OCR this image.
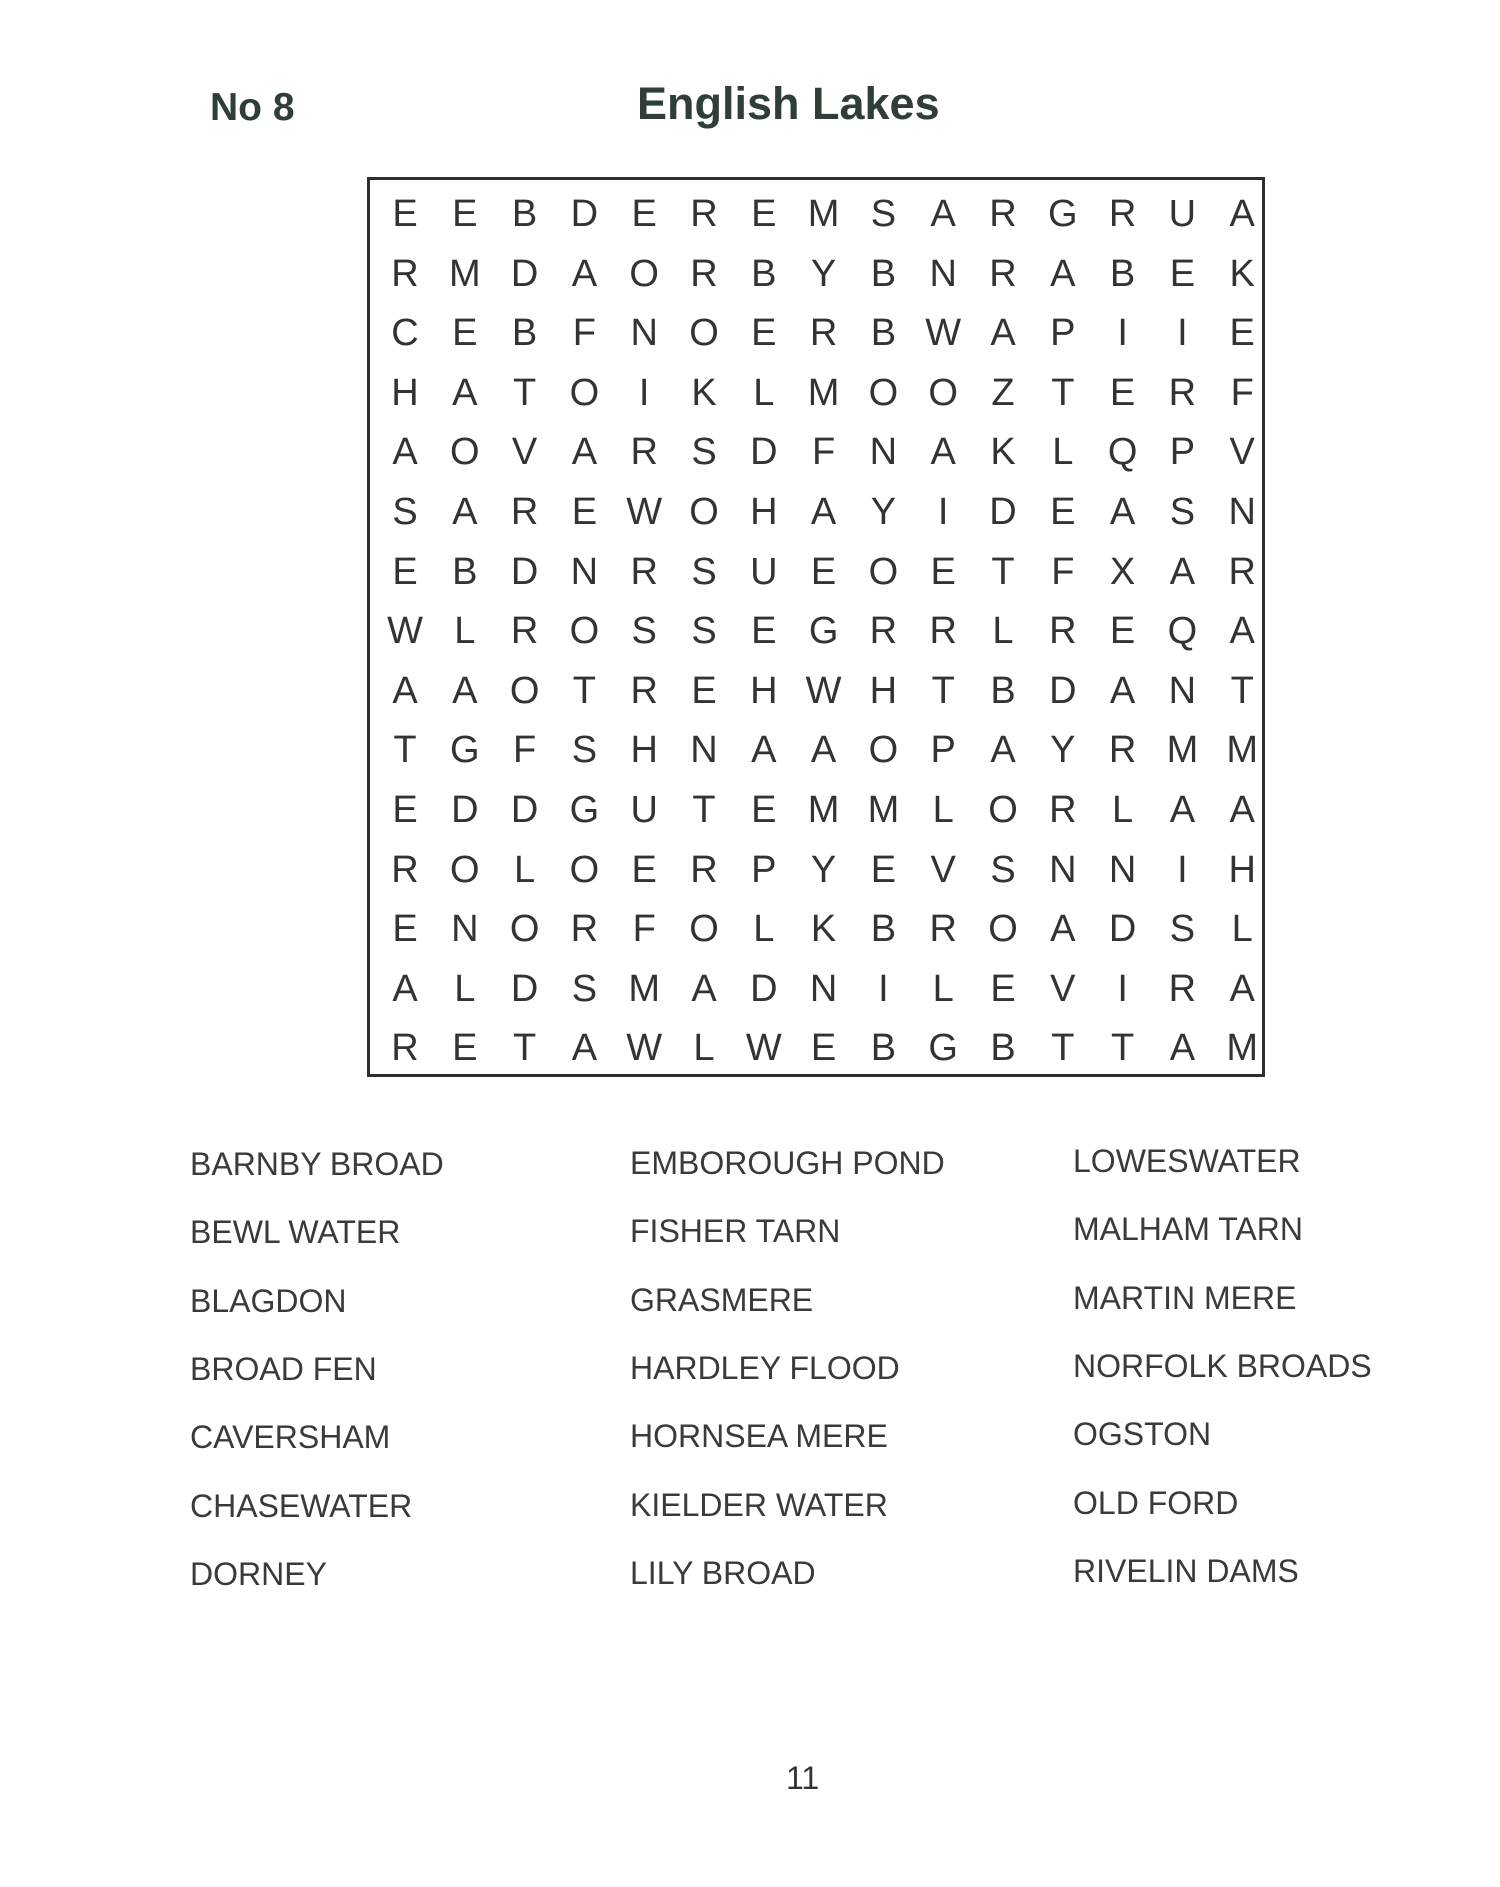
No 8	English Lakes
E E B D E R E M S A R G R U A
R M D A O R B Y B N R A B E K
C E B F N O E R B W A P	I	I	E
H A T O	I	K L M O O Z T E R F
A O V A R S D F N A K L Q P V
S A R E W O H A Y	I	D E A S N
E B D N R S U E O E T F X A R
W L R O S S E G R R L R E Q A
A A O T R E H W H T B D A N T
T G F S H N A A O P A Y R M M
E D D G U T E M M L O R L A A
R O L O E R P Y E V S N N	I	H
E N O R F O L K B R O A D S L
A L D S M A D N	I	L E V	I	R A
R E T A W L W E B G B T T A M
BARNBY BROAD
BEWL WATER
BLAGDON
BROAD FEN
CAVERSHAM
CHASEWATER
DORNEY
EMBOROUGH POND
FISHER TARN
GRASMERE
HARDLEY FLOOD
HORNSEA MERE
KIELDER WATER
LILY BROAD
LOWESWATER
MALHAM TARN
MARTIN MERE
NORFOLK BROADS
OGSTON
OLD FORD
RIVELIN DAMS
11
